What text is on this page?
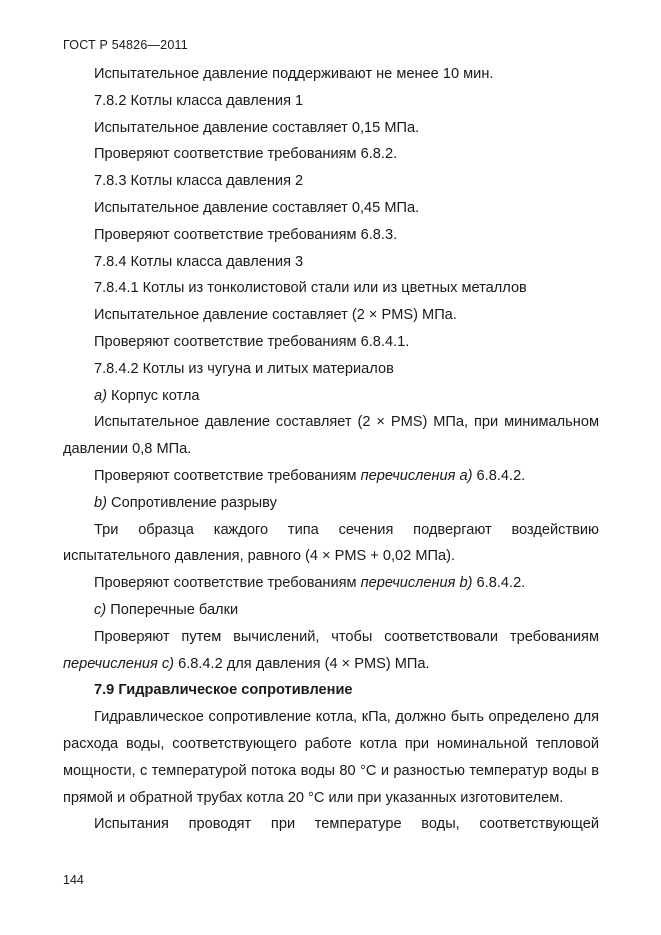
ГОСТ Р 54826—2011

Испытательное давление поддерживают не менее 10 мин.

7.8.2 Котлы класса давления 1

Испытательное давление составляет 0,15 МПа.

Проверяют соответствие требованиям 6.8.2.

7.8.3 Котлы класса давления 2

Испытательное давление составляет 0,45 МПа.

Проверяют соответствие требованиям 6.8.3.

7.8.4 Котлы класса давления 3

7.8.4.1 Котлы из тонколистовой стали или из цветных металлов

Испытательное давление составляет (2 × PMS) МПа.

Проверяют соответствие требованиям 6.8.4.1.

7.8.4.2 Котлы из чугуна и литых материалов

a) Корпус котла

Испытательное давление составляет (2 × PMS) МПа, при минимальном давлении 0,8 МПа.

Проверяют соответствие требованиям перечисления a) 6.8.4.2.

b) Сопротивление разрыву

Три образца каждого типа сечения подвергают воздействию испытательного давления, равного (4 × PMS + 0,02 МПа).

Проверяют соответствие требованиям перечисления b) 6.8.4.2.

c) Поперечные балки

Проверяют путем вычислений, чтобы соответствовали требованиям перечисления c) 6.8.4.2 для давления (4 × PMS) МПа.

7.9 Гидравлическое сопротивление

Гидравлическое сопротивление котла, кПа, должно быть определено для расхода воды, соответствующего работе котла при номинальной тепловой мощности, с температурой потока воды 80 °С и разностью температур воды в прямой и обратной трубах котла 20 °С или при указанных изготовителем.

Испытания проводят при температуре воды, соответствующей

144
